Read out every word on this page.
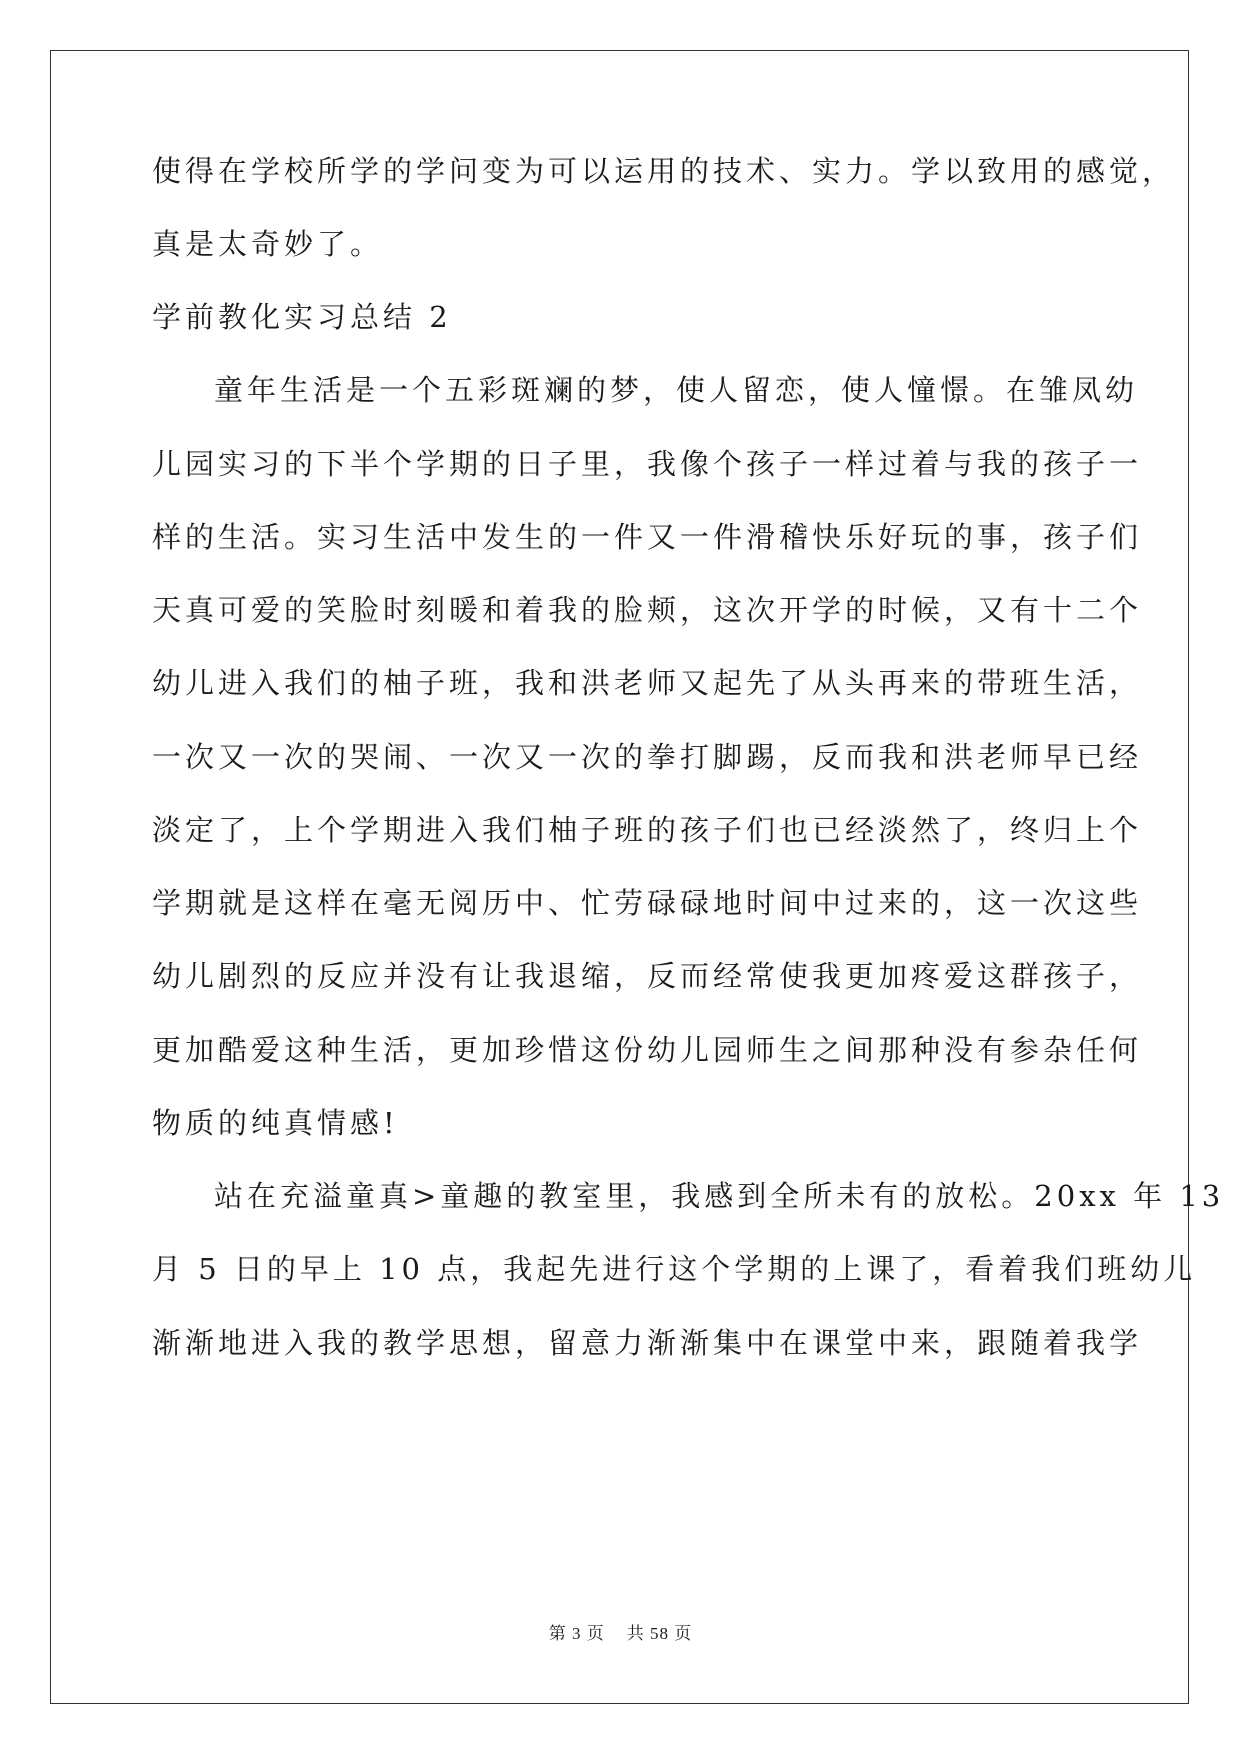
使得在学校所学的学问变为可以运用的技术、实力。学以致用的感觉，
真是太奇妙了。
学前教化实习总结 2
童年生活是一个五彩斑斓的梦，使人留恋，使人憧憬。在雏凤幼
儿园实习的下半个学期的日子里，我像个孩子一样过着与我的孩子一
样的生活。实习生活中发生的一件又一件滑稽快乐好玩的事，孩子们
天真可爱的笑脸时刻暖和着我的脸颊，这次开学的时候，又有十二个
幼儿进入我们的柚子班，我和洪老师又起先了从头再来的带班生活，
一次又一次的哭闹、一次又一次的拳打脚踢，反而我和洪老师早已经
淡定了，上个学期进入我们柚子班的孩子们也已经淡然了，终归上个
学期就是这样在毫无阅历中、忙劳碌碌地时间中过来的，这一次这些
幼儿剧烈的反应并没有让我退缩，反而经常使我更加疼爱这群孩子，
更加酷爱这种生活，更加珍惜这份幼儿园师生之间那种没有参杂任何
物质的纯真情感!
站在充溢童真>童趣的教室里，我感到全所未有的放松。20xx 年 13
月 5 日的早上 10 点，我起先进行这个学期的上课了，看着我们班幼儿
渐渐地进入我的教学思想，留意力渐渐集中在课堂中来，跟随着我学
第 3 页 共 58 页
